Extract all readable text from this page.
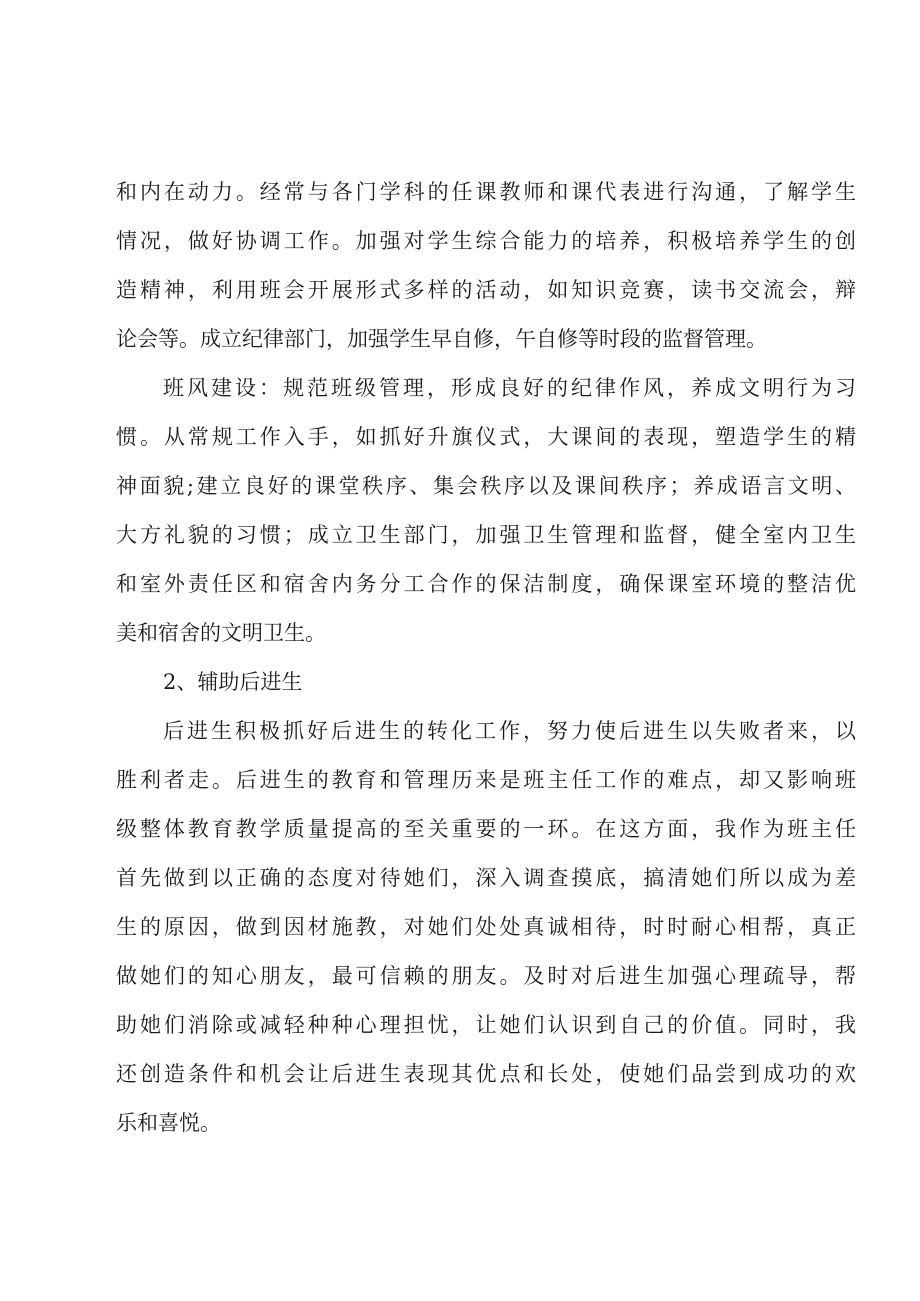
和内在动力。经常与各门学科的任课教师和课代表进行沟通，了解学生
情况，做好协调工作。加强对学生综合能力的培养，积极培养学生的创
造精神，利用班会开展形式多样的活动，如知识竞赛，读书交流会，辩
论会等。成立纪律部门，加强学生早自修，午自修等时段的监督管理。
班风建设：规范班级管理，形成良好的纪律作风，养成文明行为习
惯。从常规工作入手，如抓好升旗仪式，大课间的表现，塑造学生的精
神面貌;建立良好的课堂秩序、集会秩序以及课间秩序；养成语言文明、
大方礼貌的习惯；成立卫生部门，加强卫生管理和监督，健全室内卫生
和室外责任区和宿舍内务分工合作的保洁制度，确保课室环境的整洁优
美和宿舍的文明卫生。
2、辅助后进生
后进生积极抓好后进生的转化工作，努力使后进生以失败者来，以
胜利者走。后进生的教育和管理历来是班主任工作的难点，却又影响班
级整体教育教学质量提高的至关重要的一环。在这方面，我作为班主任
首先做到以正确的态度对待她们，深入调查摸底，搞清她们所以成为差
生的原因，做到因材施教，对她们处处真诚相待，时时耐心相帮，真正
做她们的知心朋友，最可信赖的朋友。及时对后进生加强心理疏导，帮
助她们消除或减轻种种心理担忧，让她们认识到自己的价值。同时，我
还创造条件和机会让后进生表现其优点和长处，使她们品尝到成功的欢
乐和喜悦。
